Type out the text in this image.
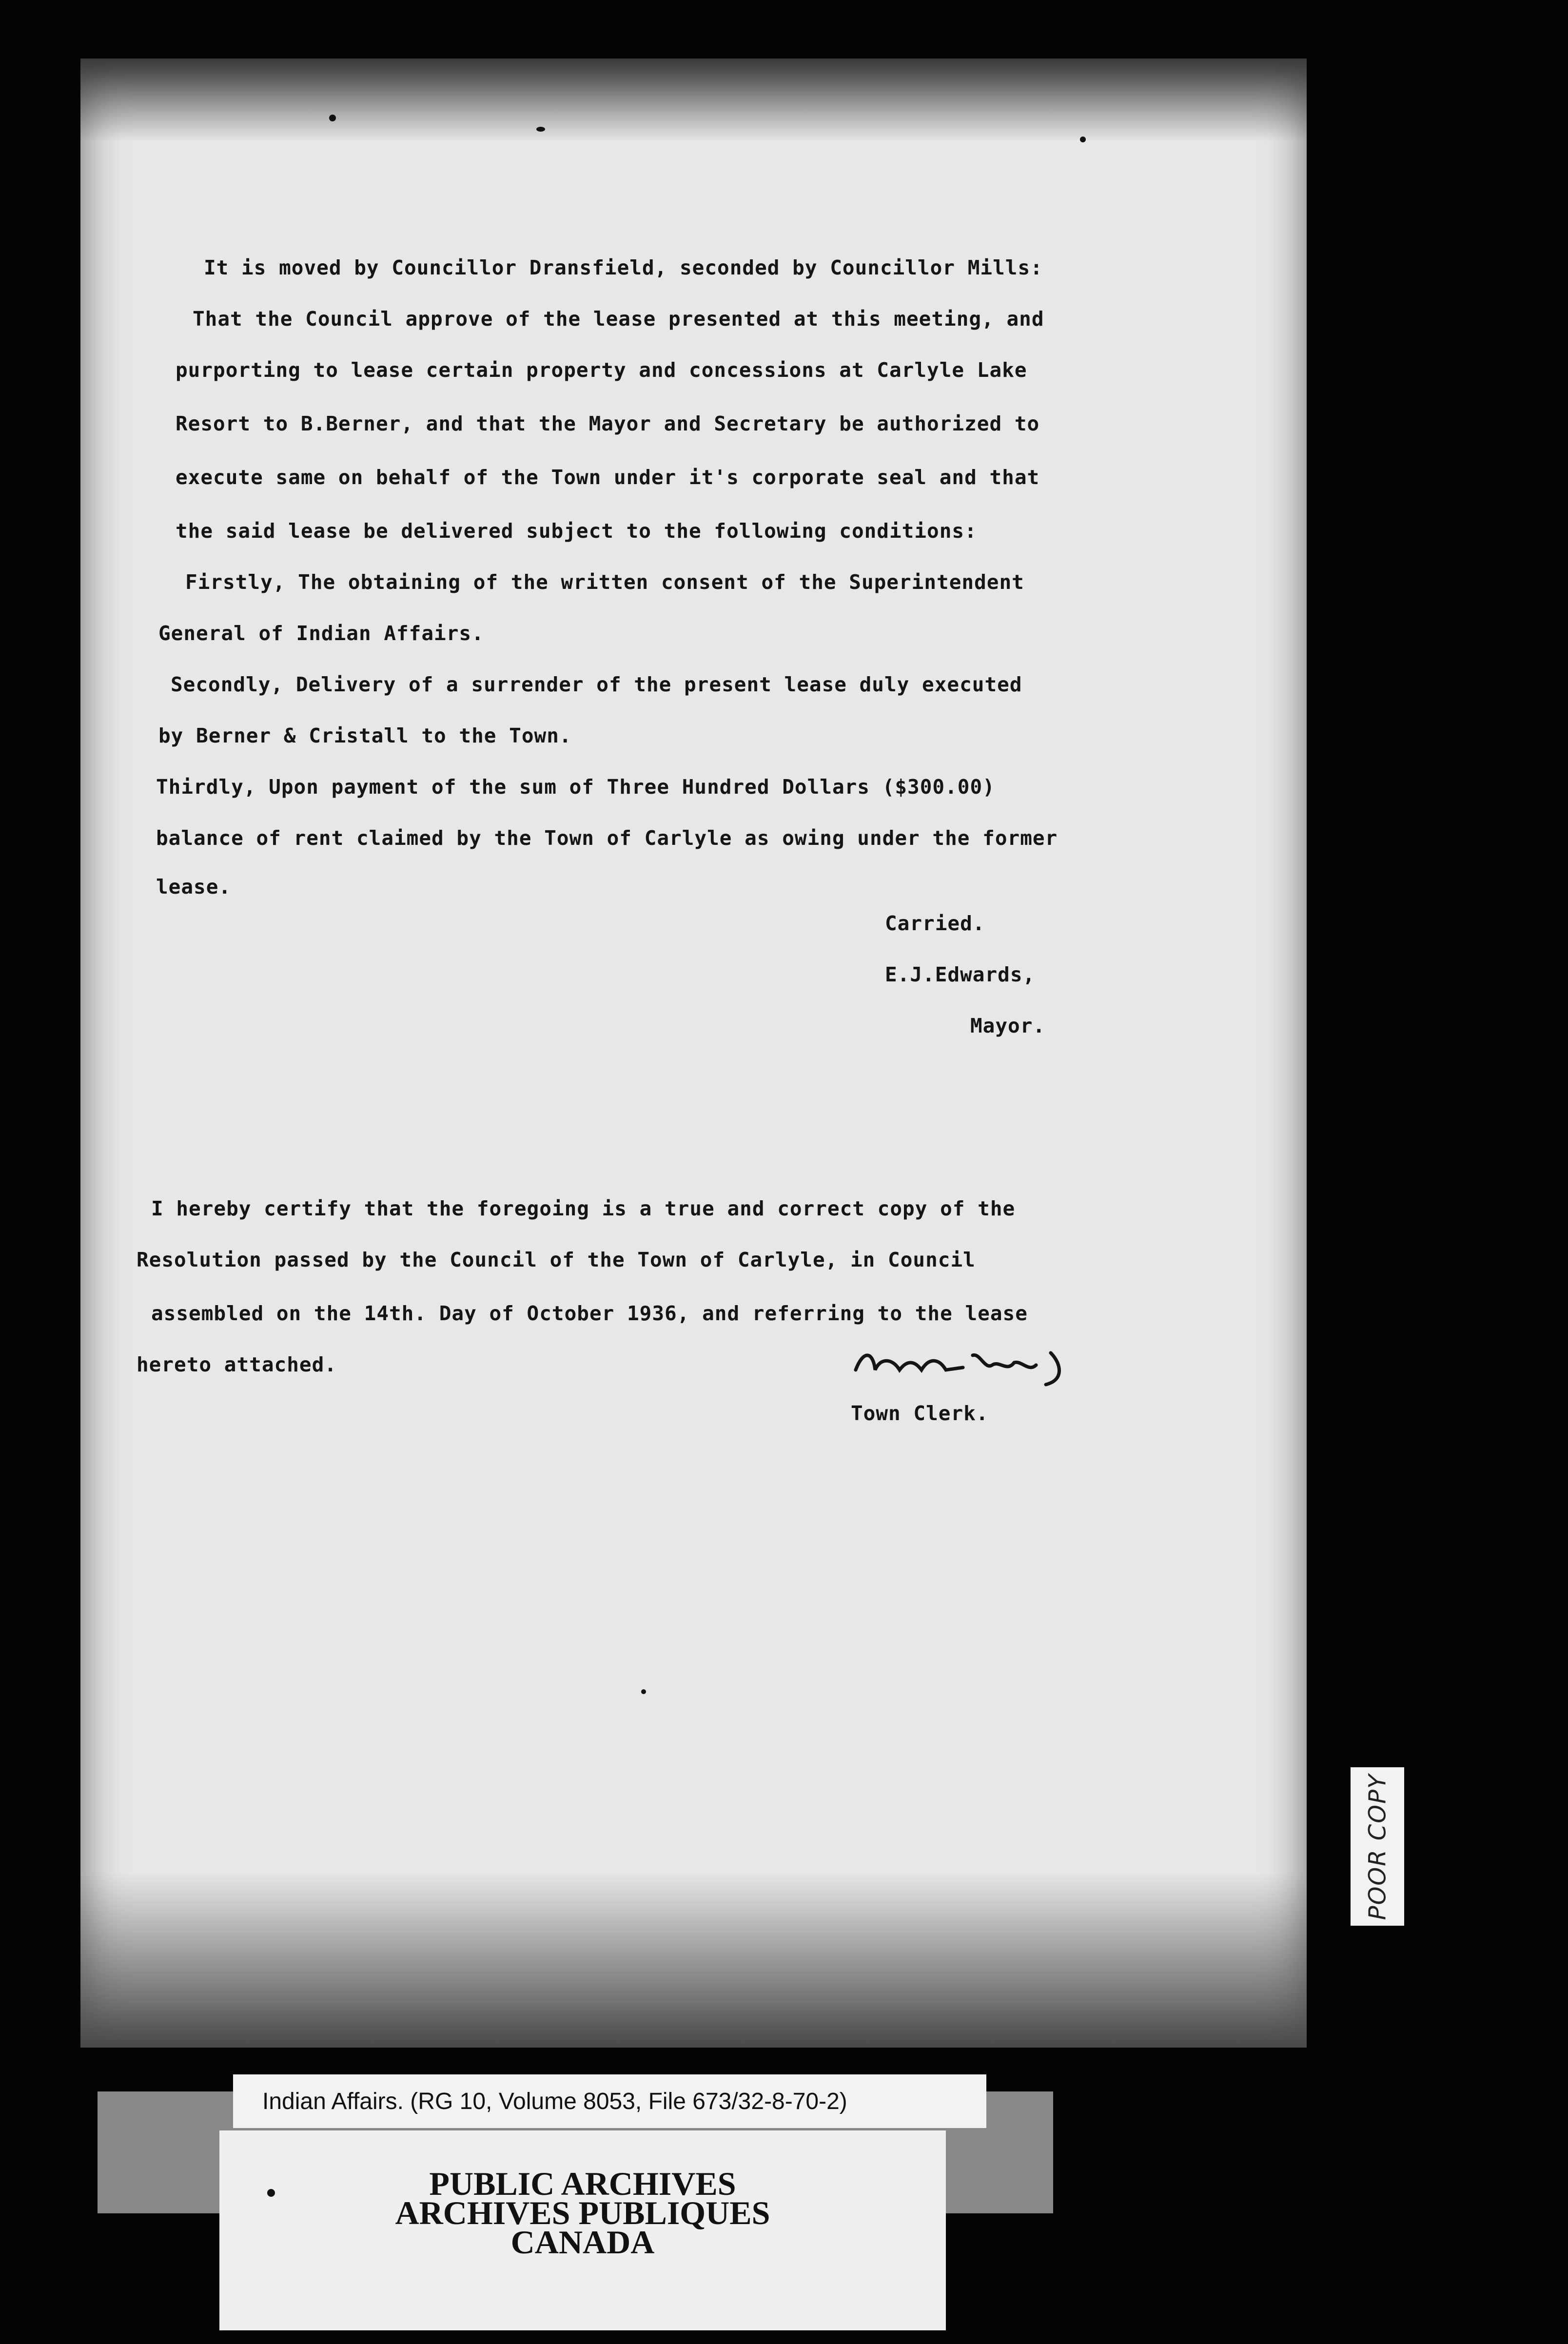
It is moved by Councillor Dransfield, seconded by Councillor Mills:
That the Council approve of the lease presented at this meeting, and
purporting to lease certain property and concessions at Carlyle Lake
Resort to B.Berner, and that the Mayor and Secretary be authorized to
execute same on behalf of the Town under it's corporate seal and that
the said lease be delivered subject to the following conditions:
Firstly, The obtaining of the written consent of the Superintendent
General of Indian Affairs.
Secondly, Delivery of a surrender of the present lease duly executed
by Berner & Cristall to the Town.
Thirdly, Upon payment of the sum of Three Hundred Dollars ($300.00)
balance of rent claimed by the Town of Carlyle as owing under the former
lease.
Carried.
E.J.Edwards,
Mayor.
I hereby certify that the foregoing is a true and correct copy of the
Resolution passed by the Council of the Town of Carlyle, in Council
assembled on the 14th. Day of October 1936, and referring to the lease
hereto attached.
Town Clerk.
POOR COPY
Indian Affairs. (RG 10, Volume 8053, File 673/32-8-70-2)
PUBLIC ARCHIVES
ARCHIVES PUBLIQUES
CANADA
